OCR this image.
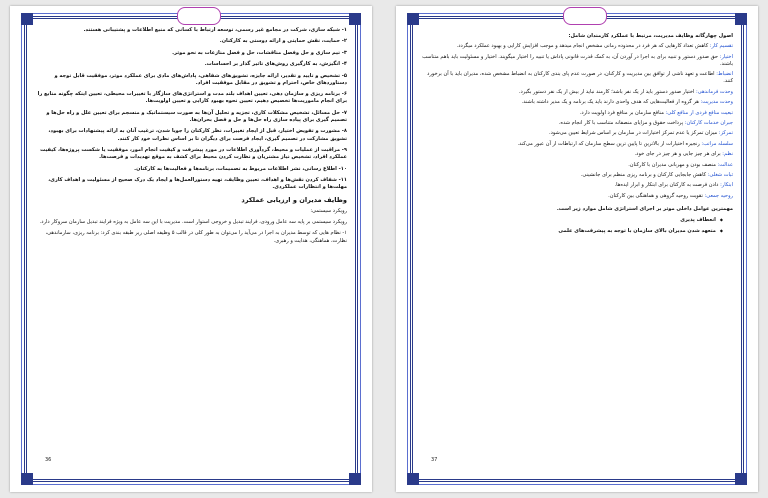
۱- شبکه سازی، شرکت در مجامع غیر رسمی، توسعه ارتباط با کسانی که منبع اطلاعات و پشتیبانی هستند.

۲- حمایت، نقش حمایتی و ارائه دوستی به کارکنان.

۳- تیم سازی و حل وفصل مناقشات، حل و فصل منازعات به نحو موثر.

۴- انگیزش، به کارگیری روش‌های تاثیر گذار بر احساسات.

۵- تشخیص و تایید و تقدیر، ارائه جایزه، تشویق‌های شفاهی، پاداش‌های مادی برای عملکرد موثر، موفقیت قابل توجه و دستاوردهای خاص، احترام و تشویق در مقابل موفقیت افراد.

۶- برنامه ریزی و سازمان دهی، تعیین اهداف بلند مدت و استراتژی‌های سازگار با تغییرات محیطی، تعیین اینکه چگونه منابع را برای انجام ماموریت‌ها تخصیص دهیم، تعیین نحوه بهبود کارایی و تعیین اولویت‌ها.

۷- حل مسائل، تشخیص مشکلات کاری، تجزیه و تحلیل آن‌ها به صورت سیستماتیک و منسجم برای تعیین علل و راه حل‌ها و تصمیم گیری برای پیاده سازی راه حل‌ها و حل و فصل بحران‌ها.

۸- مشورت و تفویض اختیار، قبل از ایجاد تغییرات، نظر کارکنان را جویا شدن، ترغیب آنان به ارائه پیشنهادات برای بهبود، تشویق مشارکت در تصمیم گیری، ایجاد فرصت برای دیگران تا بر اساس نظرات خود کار کنند.

۹- مراقبت از عملیات و محیط، گردآوری اطلاعات در مورد پیشرفت و کیفیت انجام امور، موفقیت یا شکست پروژه‌ها، کیفیت عملکرد افراد، تشخیص نیاز مشتریان و نظارت کردن محیط برای کشف به موقع تهدیدات و فرصت‌ها.

۱۰- اطلاع رسانی، نشر اطلاعات مربوط به تصمیمات، برنامه‌ها و فعالیت‌ها به کارکنان.

۱۱- شفاف کردن نقش‌ها و اهداف، تعیین وظایف، تهیه دستورالعمل‌ها و ایجاد یک درک صحیح از مسئولیت و اهداف کاری، مهلت‌ها و انتظارات عملکردی.

وظایف مدیران و ارزیابی عملکرد
رویکرد سیستمی:

رویکرد سیستمی بر پایه سه عامل ورودی، فرایند تبدیل و خروجی استوار است. مدیریت با این سه عامل به ویژه فرایند تبدیل سازمان سروکار دارد.

۱- نظام هایی که توسط مدیران به اجرا در می‌آید را می‌توان به طور کلی در قالب ۵ وظیفه اصلی زیر طبقه بندی کرد: برنامه ریزی، سازماندهی، نظارت، هماهنگی، هدایت و رهبری.

36
اصول چهارگانه وظایف مدیریت، مرتبط با عملکرد کارمندان شامل:
تقسیم کار: کاهش تعداد کارهایی که هر فرد در محدوده زمانی مشخص انجام میدهد و موجب افزایش کارایی و بهبود عملکرد میگردد.
اختیار: حق صدور دستور و تنبیه برای به اجرا در آوردن آن، به کمک قدرت قانونی پاداش یا تنبیه را اختیار میگویند. اختیار و مسئولیت باید باهم متناسب باشند.
انضباط: اطاعت و تعهد ناشی از توافق بین مدیریت و کارکنان، در صورت عدم پای بندی کارکنان به انضباط مشخص شده، مدیران باید با آن برخورد کنند.
وحدت فرماندهی: اختیار صدور دستور باید از یک نفر باشد؛ کارمند نباید از بیش از یک نفر دستور بگیرد.
وحدت مدیریت: هر گروه از فعالیت‌هایی که هدف واحدی دارند باید یک برنامه و یک مدیر داشته باشند.
تبعیت منافع فردی از منافع کلی: منافع سازمان بر منافع فرد اولویت دارد.
جبران خدمات کارکنان: پرداخت حقوق و مزایای منصفانه متناسب با کار انجام شده.
تمرکز: میزان تمرکز یا عدم تمرکز اختیارات در سازمان بر اساس شرایط تعیین می‌شود.
سلسله مراتب: زنجیره اختیارات از بالاترین تا پایین ترین سطح سازمان که ارتباطات از آن عبور می‌کند.
نظم: برای هر چیز جایی و هر چیز در جای خود.
عدالت: منصف بودن و مهربانی مدیران با کارکنان.
ثبات شغلی: کاهش جابجایی کارکنان و برنامه ریزی منظم برای جانشینی.
ابتکار: دادن فرصت به کارکنان برای ابتکار و ابراز ایده‌ها.
روحیه جمعی: تقویت روحیه گروهی و هماهنگی بین کارکنان.
مهمترین عوامل داخلی موثر بر اجرای استراتژی شامل موارد زیر است.
◆ انعطاف پذیری
◆ متعهد شدن مدیران بالای سازمان با توجه به پیشرفت‌های علمی
37
